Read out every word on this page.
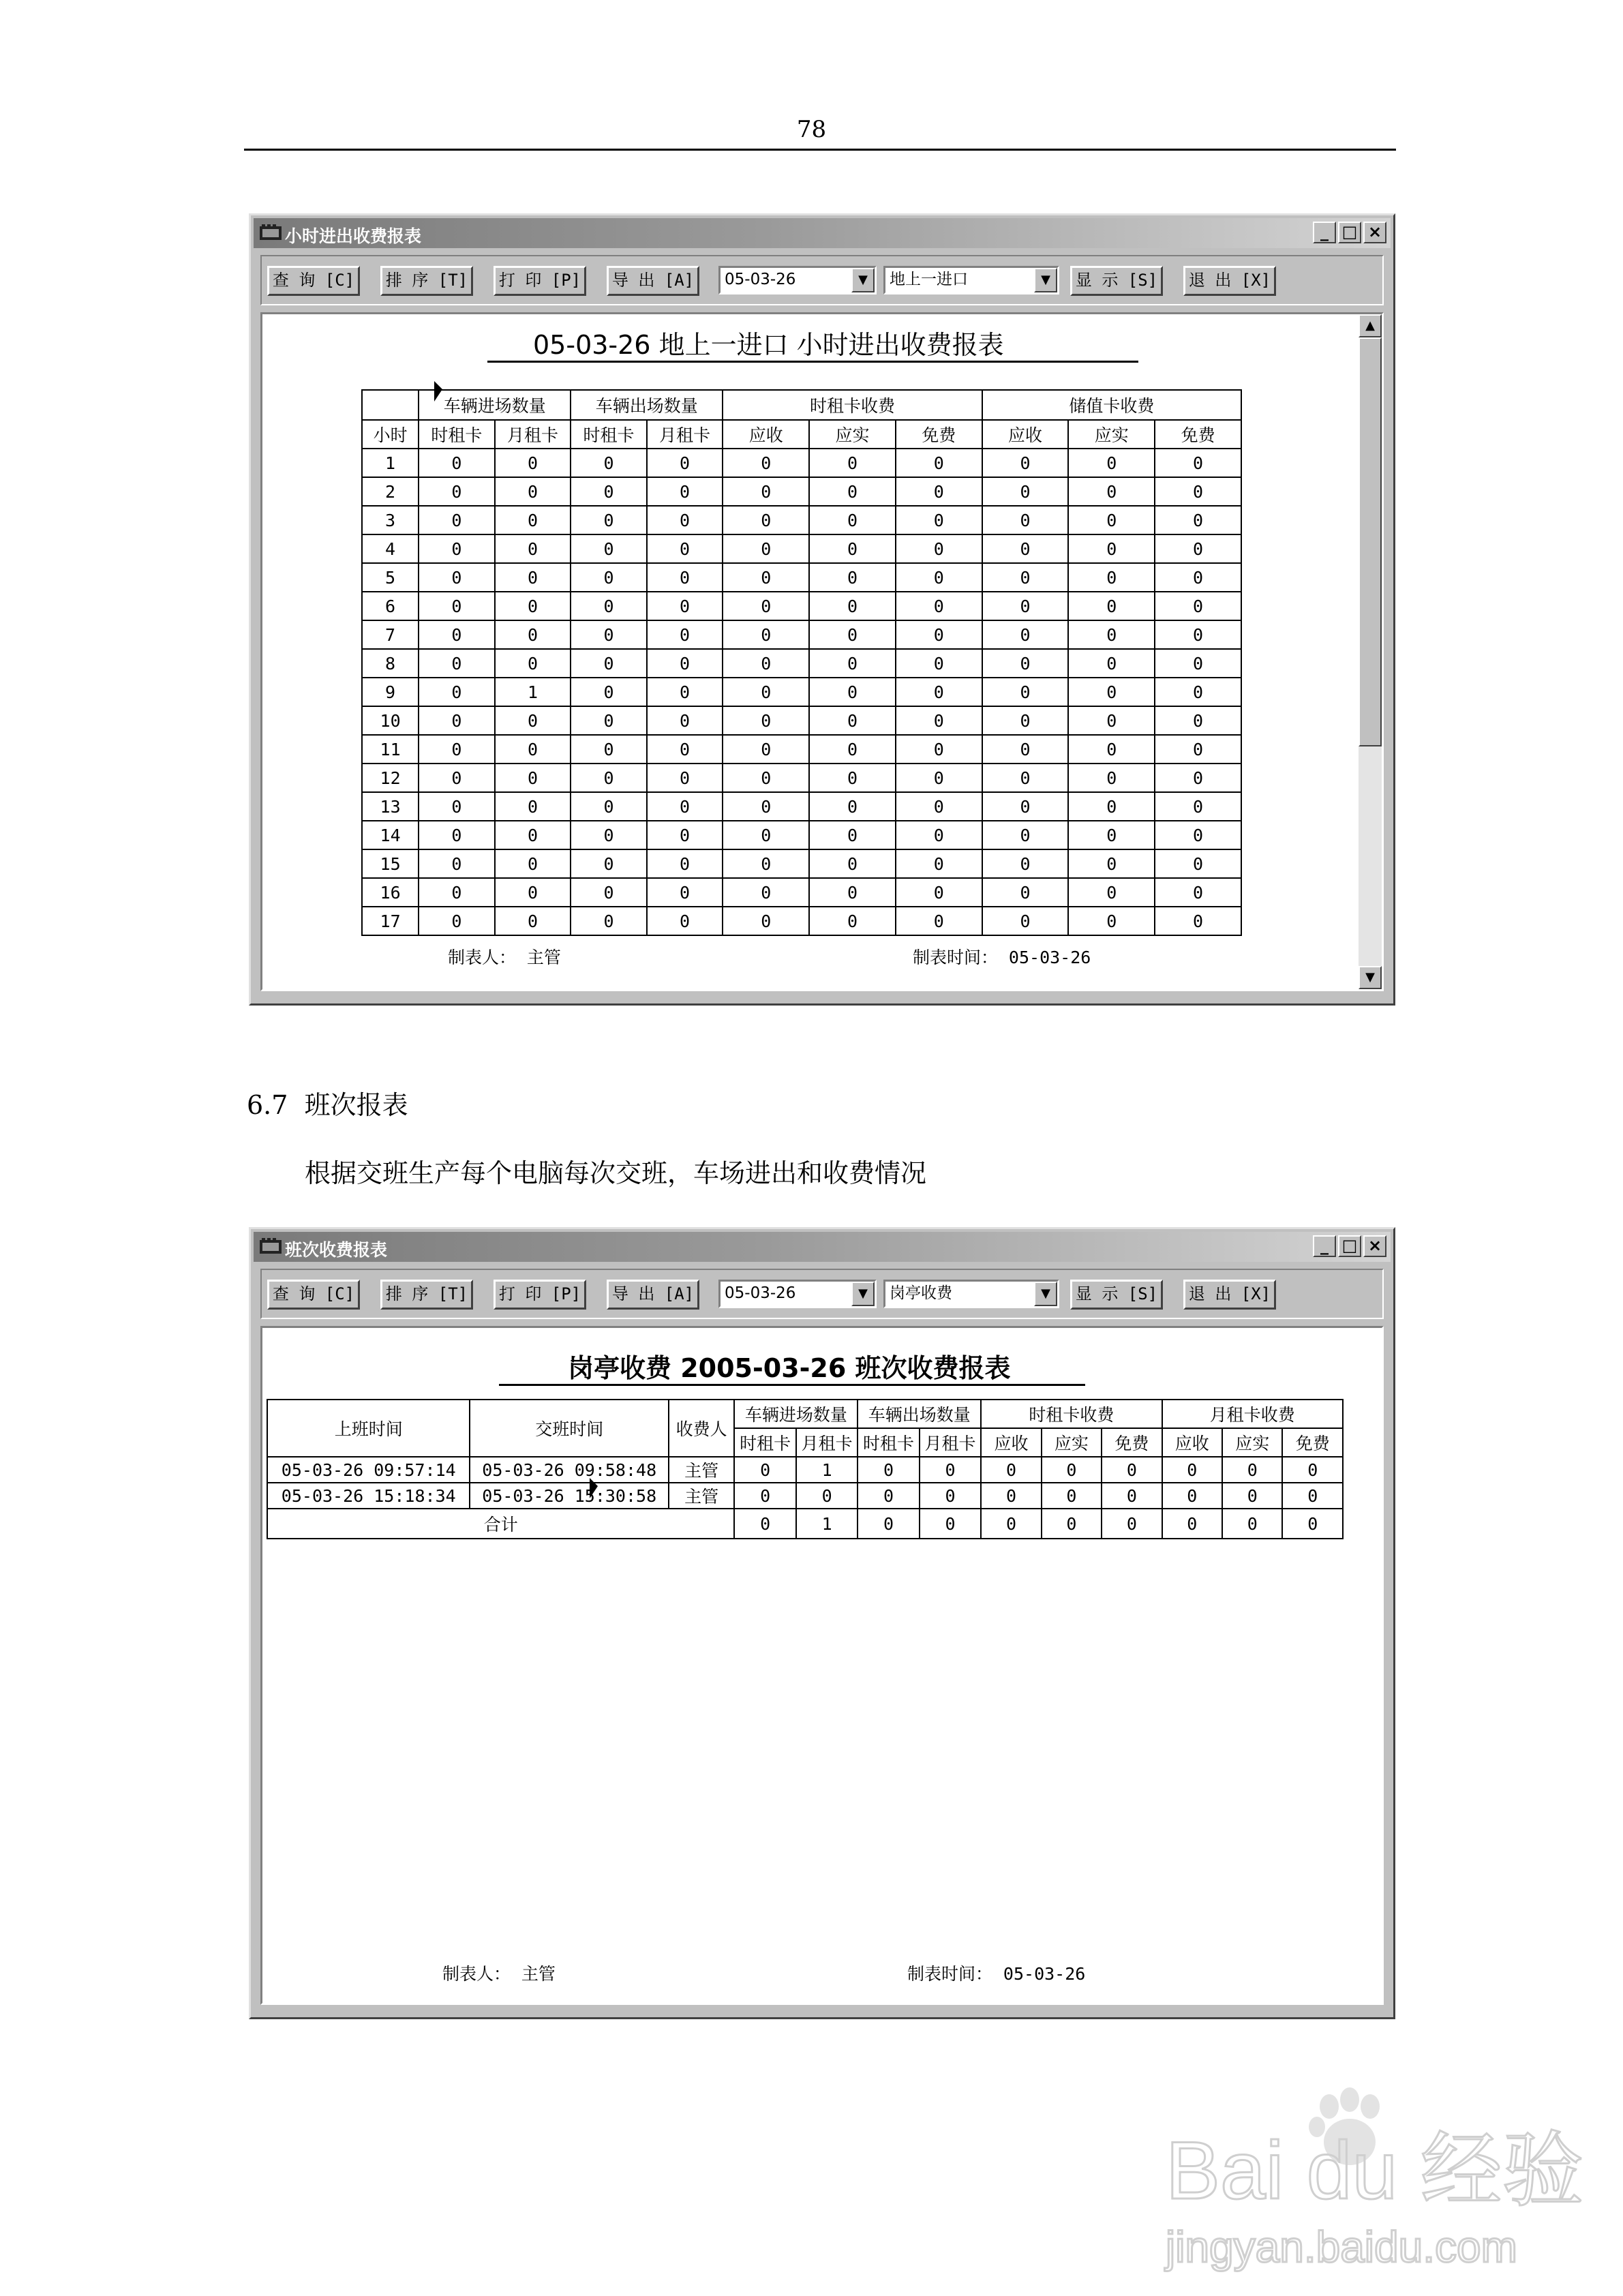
78
小时进出收费报表	_ □ ×
查 询 [C]	排 序 [T]	打 印 [P]	导 出 [A]	05-03-26	▼	地上一进口	▼	显 示 [S]	退 出 [X]
05-03-26 地上一进口 小时进出收费报表
	车辆进场数量		车辆出场数量		时租卡收费			储值卡收费		
小时	时租卡	月租卡	时租卡	月租卡	应收	应实	免费	应收	应实	免费
1	0	0	0	0	0	0	0	0	0	0
2	0	0	0	0	0	0	0	0	0	0
3	0	0	0	0	0	0	0	0	0	0
4	0	0	0	0	0	0	0	0	0	0
5	0	0	0	0	0	0	0	0	0	0
6	0	0	0	0	0	0	0	0	0	0
7	0	0	0	0	0	0	0	0	0	0
8	0	0	0	0	0	0	0	0	0	0
9	0	1	0	0	0	0	0	0	0	0
10	0	0	0	0	0	0	0	0	0	0
11	0	0	0	0	0	0	0	0	0	0
12	0	0	0	0	0	0	0	0	0	0
13	0	0	0	0	0	0	0	0	0	0
14	0	0	0	0	0	0	0	0	0	0
15	0	0	0	0	0	0	0	0	0	0
16	0	0	0	0	0	0	0	0	0	0
17	0	0	0	0	0	0	0	0	0	0
制表人： 主管	制表时间： 05-03-26
▲
▼
6.7 班次报表
根据交班生产每个电脑每次交班，车场进出和收费情况
班次收费报表	_ □ ×
查 询 [C]	排 序 [T]	打 印 [P]	导 出 [A]	05-03-26	▼	岗亭收费	▼	显 示 [S]	退 出 [X]
岗亭收费 2005-03-26 班次收费报表
上班时间	交班时间	收费人	车辆进场数量		车辆出场数量		时租卡收费			月租卡收费		
			时租卡	月租卡	时租卡	月租卡	应收	应实	免费	应收	应实	免费
05-03-26 09:57:14	05-03-26 09:58:48	主管	0	1	0	0	0	0	0	0	0	0
05-03-26 15:18:34	05-03-26 15:30:58	主管	0	0	0	0	0	0	0	0	0	0
合计			0	1	0	0	0	0	0	0	0	0
制表人： 主管	制表时间： 05-03-26
Bai du 经验
jingyan.baidu.com
